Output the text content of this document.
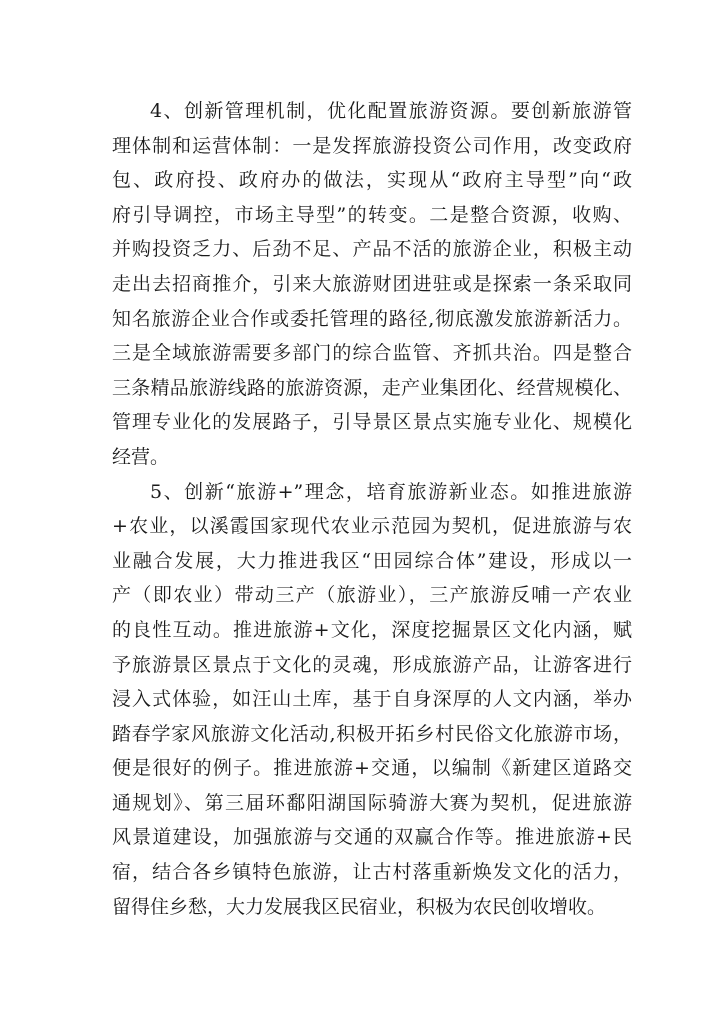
4、创新管理机制，优化配置旅游资源。要创新旅游管
理体制和运营体制：一是发挥旅游投资公司作用，改变政府
包、政府投、政府办的做法，实现从“政府主导型”向“政
府引导调控，市场主导型”的转变。二是整合资源，收购、
并购投资乏力、后劲不足、产品不活的旅游企业，积极主动
走出去招商推介，引来大旅游财团进驻或是探索一条采取同
知名旅游企业合作或委托管理的路径,彻底激发旅游新活力。
三是全域旅游需要多部门的综合监管、齐抓共治。四是整合
三条精品旅游线路的旅游资源，走产业集团化、经营规模化、
管理专业化的发展路子，引导景区景点实施专业化、规模化
经营。
5、创新“旅游+”理念，培育旅游新业态。如推进旅游
+农业，以溪霞国家现代农业示范园为契机，促进旅游与农
业融合发展，大力推进我区“田园综合体”建设，形成以一
产（即农业）带动三产（旅游业），三产旅游反哺一产农业
的良性互动。推进旅游+文化，深度挖掘景区文化内涵，赋
予旅游景区景点于文化的灵魂，形成旅游产品，让游客进行
浸入式体验，如汪山土库，基于自身深厚的人文内涵，举办
踏春学家风旅游文化活动,积极开拓乡村民俗文化旅游市场，
便是很好的例子。推进旅游+交通，以编制《新建区道路交
通规划》、第三届环鄱阳湖国际骑游大赛为契机，促进旅游
风景道建设，加强旅游与交通的双赢合作等。推进旅游+民
宿，结合各乡镇特色旅游，让古村落重新焕发文化的活力，
留得住乡愁，大力发展我区民宿业，积极为农民创收增收。
